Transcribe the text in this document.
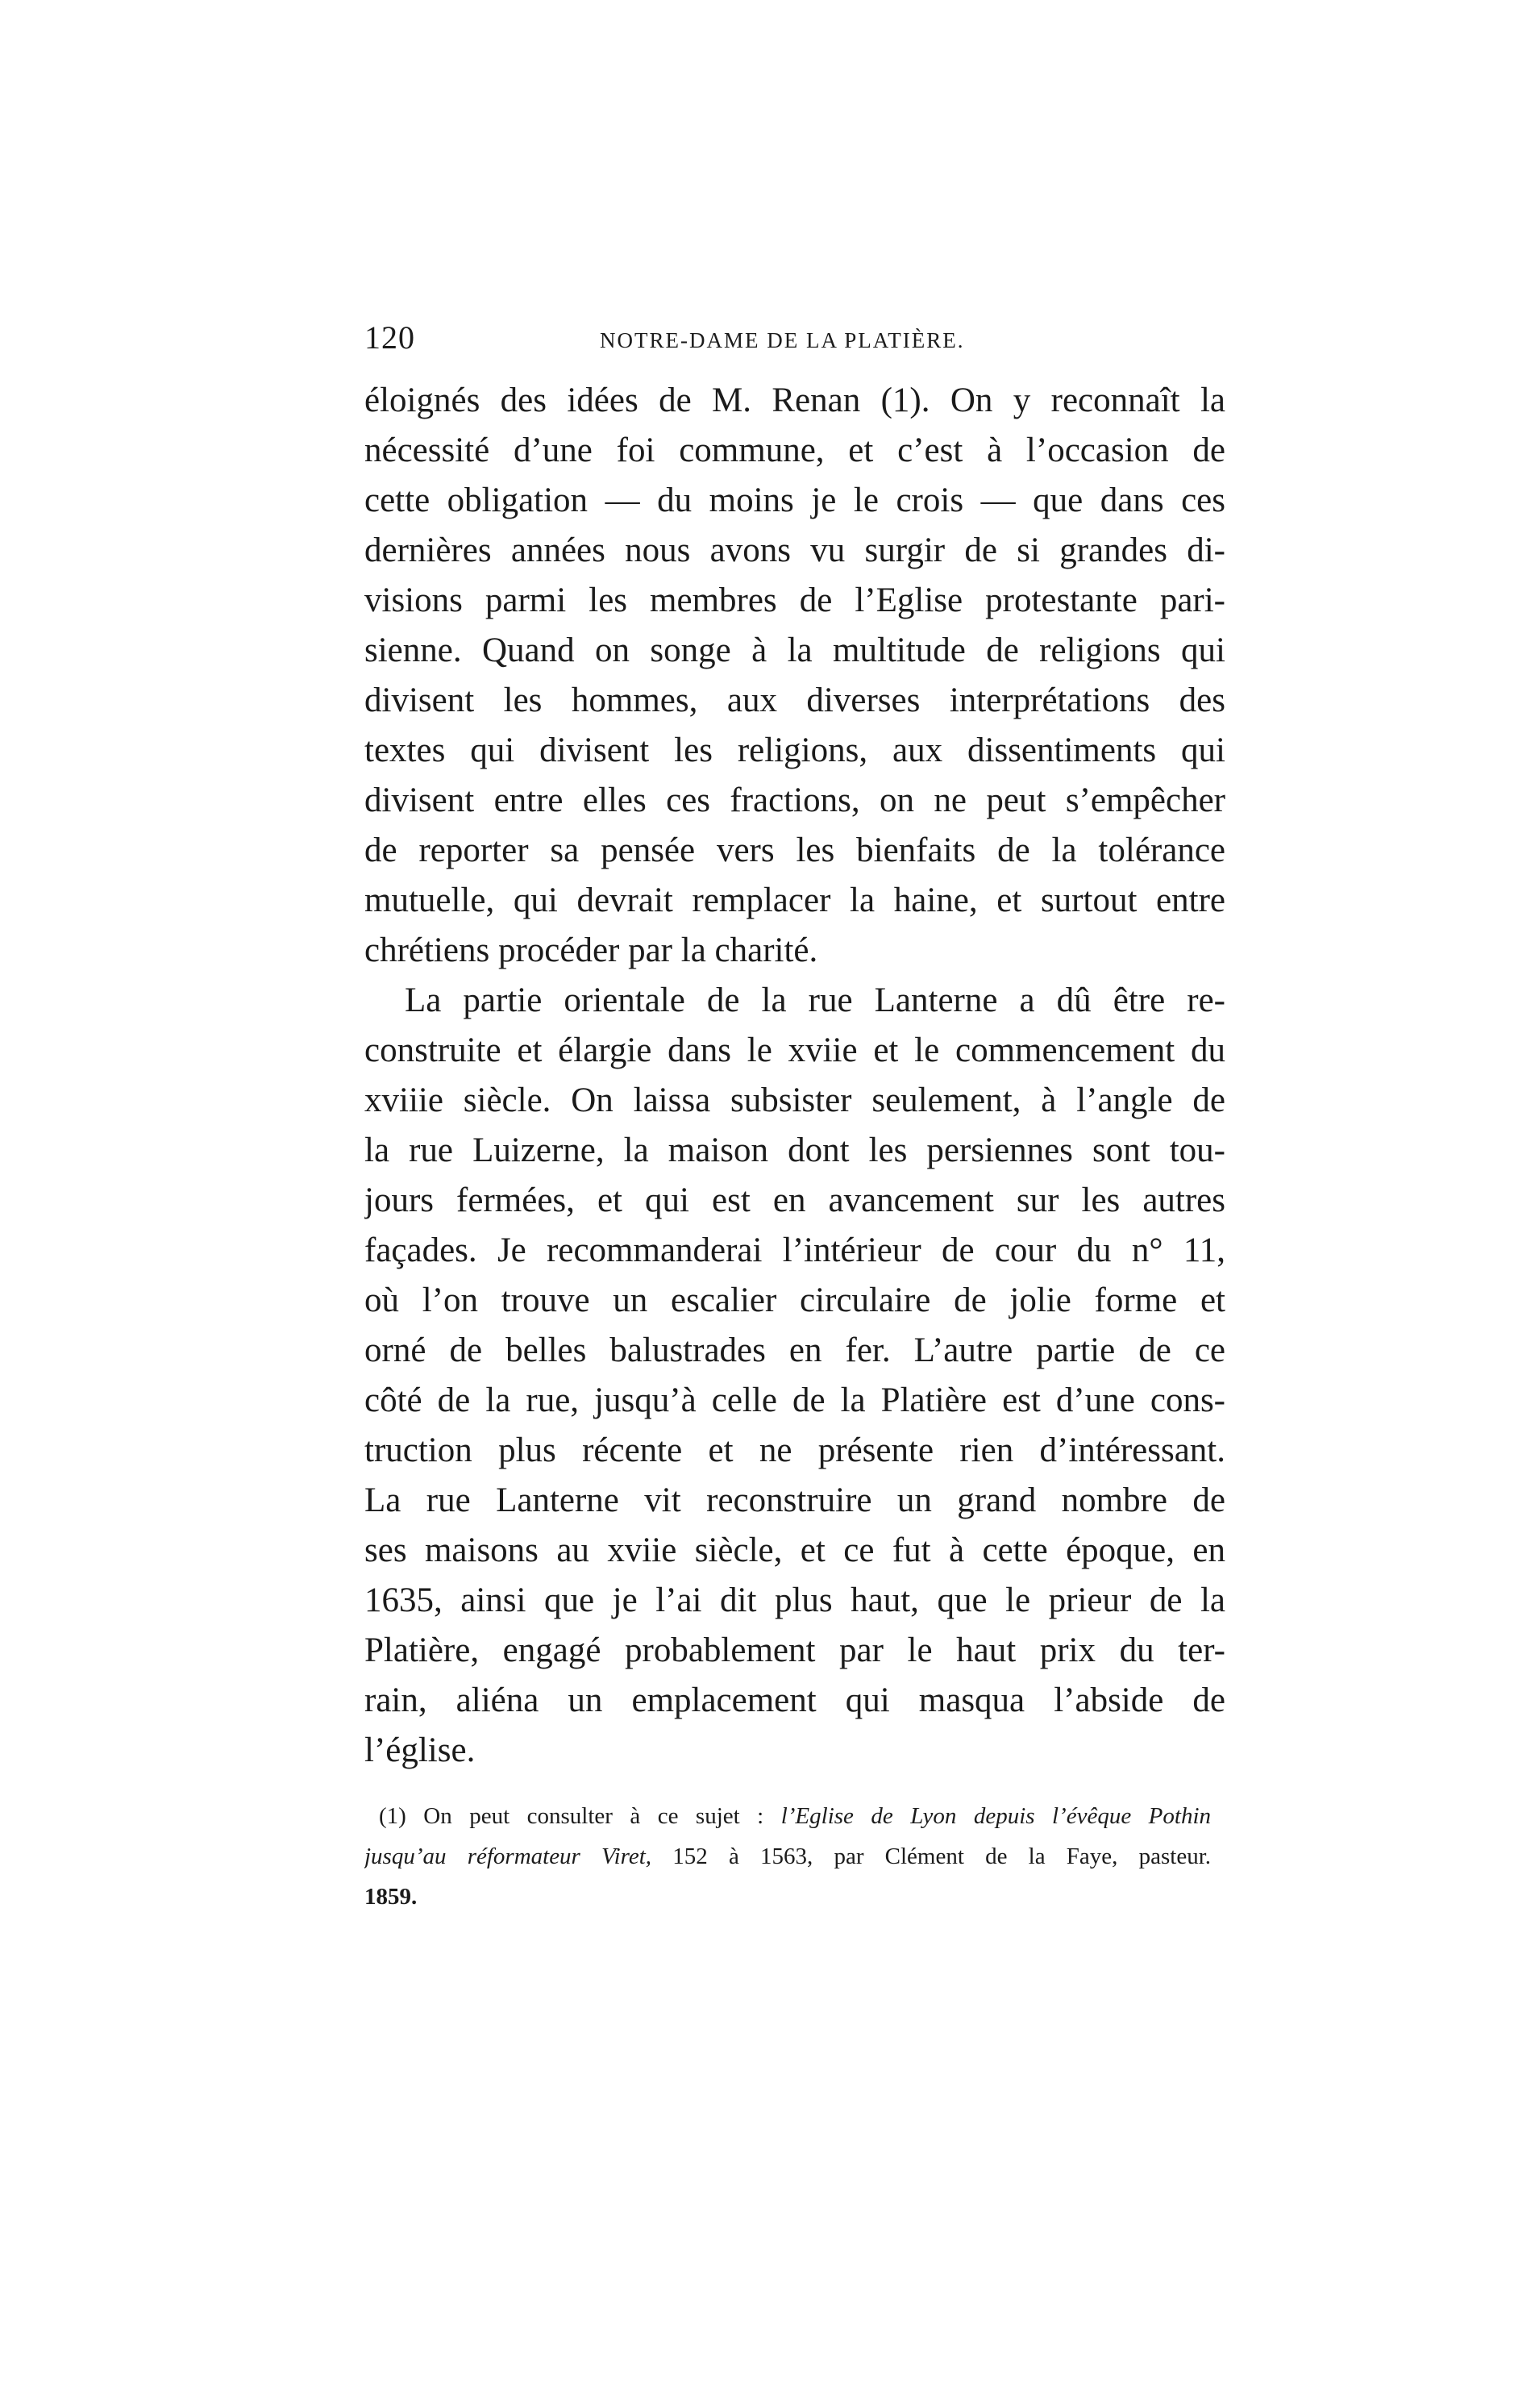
120	NOTRE-DAME DE LA PLATIÈRE.
éloignés des idées de M. Renan (1). On y reconnaît la
nécessité d’une foi commune, et c’est à l’occasion de
cette obligation — du moins je le crois — que dans ces
dernières années nous avons vu surgir de si grandes di-
visions parmi les membres de l’Eglise protestante pari-
sienne. Quand on songe à la multitude de religions qui
divisent les hommes, aux diverses interprétations des
textes qui divisent les religions, aux dissentiments qui
divisent entre elles ces fractions, on ne peut s’empêcher
de reporter sa pensée vers les bienfaits de la tolérance
mutuelle, qui devrait remplacer la haine, et surtout entre
chrétiens procéder par la charité.
La partie orientale de la rue Lanterne a dû être re-
construite et élargie dans le xviie et le commencement du
xviiie siècle. On laissa subsister seulement, à l’angle de
la rue Luizerne, la maison dont les persiennes sont tou-
jours fermées, et qui est en avancement sur les autres
façades. Je recommanderai l’intérieur de cour du n° 11,
où l’on trouve un escalier circulaire de jolie forme et
orné de belles balustrades en fer. L’autre partie de ce
côté de la rue, jusqu’à celle de la Platière est d’une cons-
truction plus récente et ne présente rien d’intéressant.
La rue Lanterne vit reconstruire un grand nombre de
ses maisons au xviie siècle, et ce fut à cette époque, en
1635, ainsi que je l’ai dit plus haut, que le prieur de la
Platière, engagé probablement par le haut prix du ter-
rain, aliéna un emplacement qui masqua l’abside de
l’église.
(1) On peut consulter à ce sujet : l’Eglise de Lyon depuis l’évêque Pothin
jusqu’au réformateur Viret, 152 à 1563, par Clément de la Faye, pasteur.
1859.
